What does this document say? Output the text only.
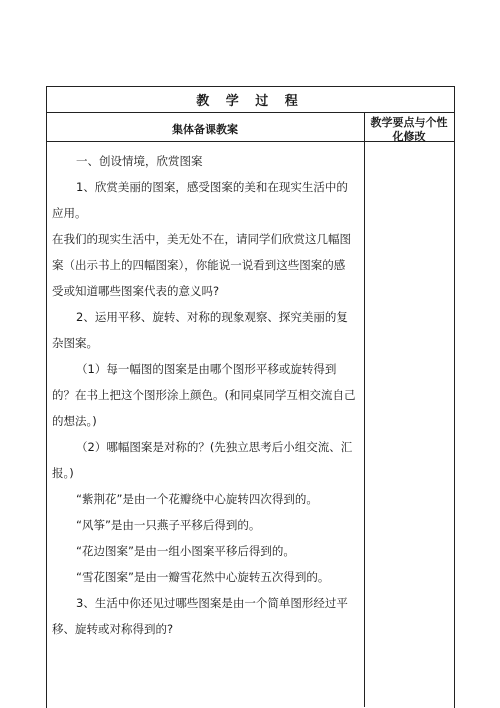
教 学 过 程
集体备课教案
教学要点与个性
化修改

一、创设情境，欣赏图案

1、欣赏美丽的图案，感受图案的美和在现实生活中的

应用。

在我们的现实生活中，美无处不在，请同学们欣赏这几幅图

案（出示书上的四幅图案），你能说一说看到这些图案的感

受或知道哪些图案代表的意义吗?

2、运用平移、旋转、对称的现象观察、探究美丽的复

杂图案。

（1）每一幅图的图案是由哪个图形平移或旋转得到

的？在书上把这个图形涂上颜色。(和同桌同学互相交流自己

的想法。)

（2）哪幅图案是对称的？(先独立思考后小组交流、汇

报。)

“紫荆花”是由一个花瓣绕中心旋转四次得到的。

“风筝”是由一只燕子平移后得到的。

“花边图案”是由一组小图案平移后得到的。

“雪花图案”是由一瓣雪花然中心旋转五次得到的。

3、生活中你还见过哪些图案是由一个简单图形经过平

移、旋转或对称得到的?
